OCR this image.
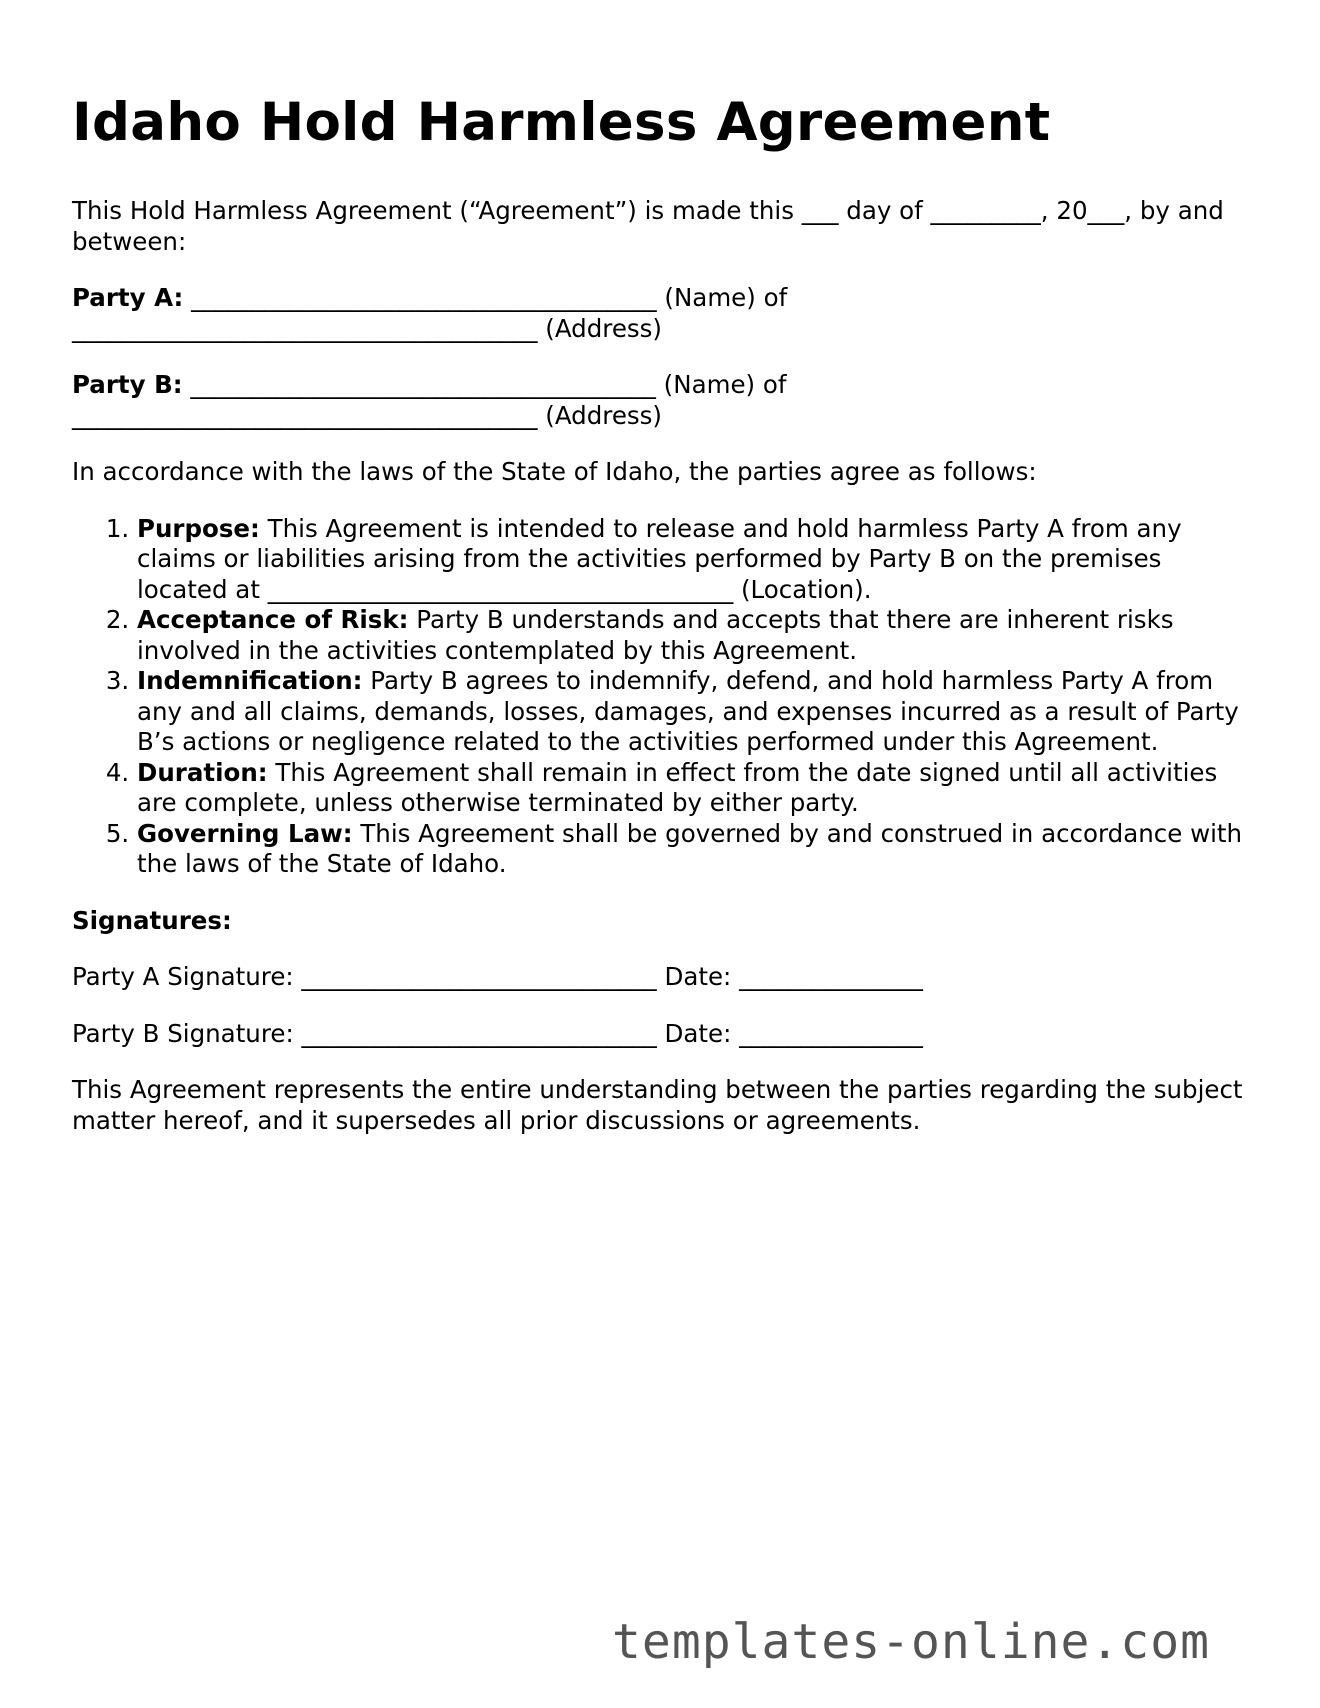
Idaho Hold Harmless Agreement

This Hold Harmless Agreement (“Agreement”) is made this ___ day of _________, 20___, by and between:

Party A: ______________________________________ (Name) of
______________________________________ (Address)
Party B: ______________________________________ (Name) of
______________________________________ (Address)

In accordance with the laws of the State of Idaho, the parties agree as follows:

1. Purpose: This Agreement is intended to release and hold harmless Party A from any claims or liabilities arising from the activities performed by Party B on the premises located at ______________________________________ (Location).
2. Acceptance of Risk: Party B understands and accepts that there are inherent risks involved in the activities contemplated by this Agreement.
3. Indemnification: Party B agrees to indemnify, defend, and hold harmless Party A from any and all claims, demands, losses, damages, and expenses incurred as a result of Party B’s actions or negligence related to the activities performed under this Agreement.
4. Duration: This Agreement shall remain in effect from the date signed until all activities are complete, unless otherwise terminated by either party.
5. Governing Law: This Agreement shall be governed by and construed in accordance with the laws of the State of Idaho.

Signatures:

Party A Signature: _____________________________ Date: _______________

Party B Signature: _____________________________ Date: _______________

This Agreement represents the entire understanding between the parties regarding the subject matter hereof, and it supersedes all prior discussions or agreements.

templates-online.com
